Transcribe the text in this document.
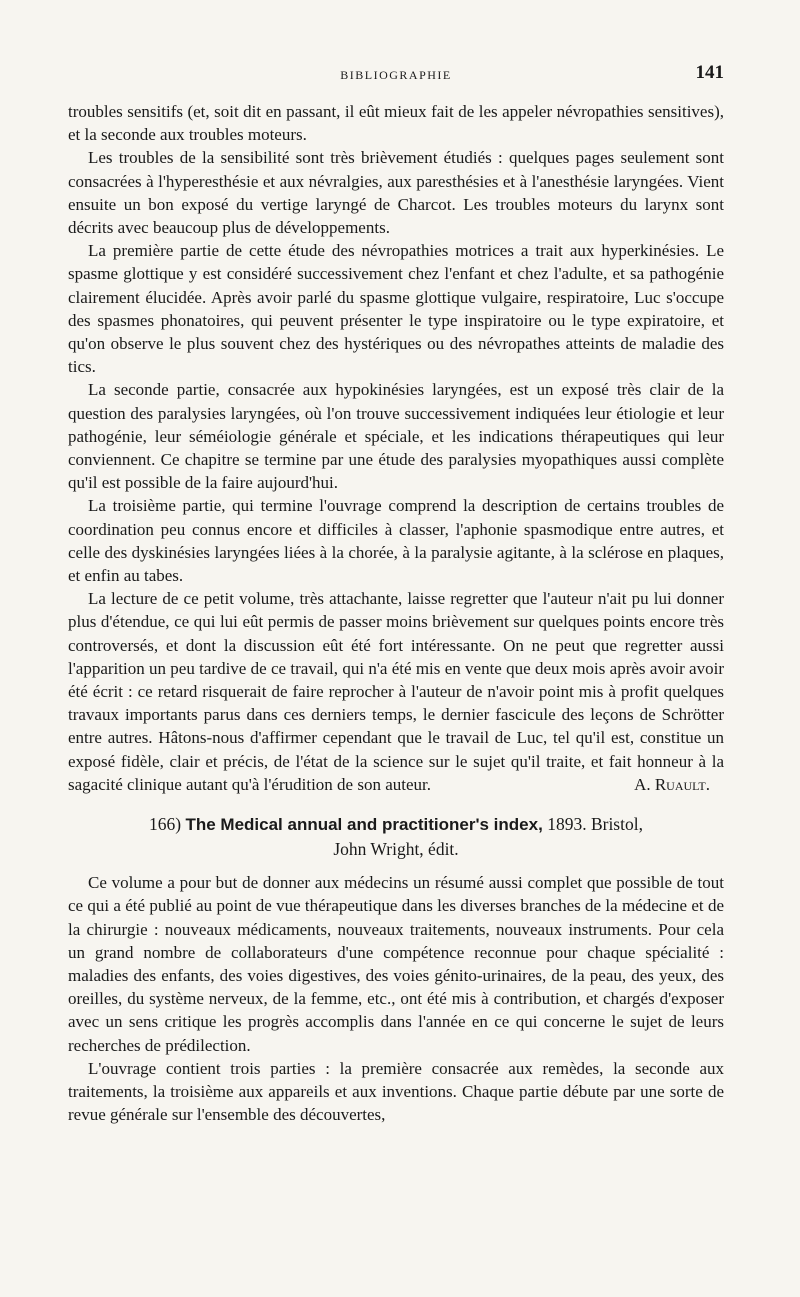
BIBLIOGRAPHIE	141

troubles sensitifs (et, soit dit en passant, il eût mieux fait de les appeler névropathies sensitives), et la seconde aux troubles moteurs.

Les troubles de la sensibilité sont très brièvement étudiés : quelques pages seulement sont consacrées à l'hyperesthésie et aux névralgies, aux paresthésies et à l'anesthésie laryngées. Vient ensuite un bon exposé du vertige laryngé de Charcot. Les troubles moteurs du larynx sont décrits avec beaucoup plus de développements.

La première partie de cette étude des névropathies motrices a trait aux hyperkinésies. Le spasme glottique y est considéré successivement chez l'enfant et chez l'adulte, et sa pathogénie clairement élucidée. Après avoir parlé du spasme glottique vulgaire, respiratoire, Luc s'occupe des spasmes phonatoires, qui peuvent présenter le type inspiratoire ou le type expiratoire, et qu'on observe le plus souvent chez des hystériques ou des névropathes atteints de maladie des tics.

La seconde partie, consacrée aux hypokinésies laryngées, est un exposé très clair de la question des paralysies laryngées, où l'on trouve successivement indiquées leur étiologie et leur pathogénie, leur séméiologie générale et spéciale, et les indications thérapeutiques qui leur conviennent. Ce chapitre se termine par une étude des paralysies myopathiques aussi complète qu'il est possible de la faire aujourd'hui.

La troisième partie, qui termine l'ouvrage comprend la description de certains troubles de coordination peu connus encore et difficiles à classer, l'aphonie spasmodique entre autres, et celle des dyskinésies laryngées liées à la chorée, à la paralysie agitante, à la sclérose en plaques, et enfin au tabes.

La lecture de ce petit volume, très attachante, laisse regretter que l'auteur n'ait pu lui donner plus d'étendue, ce qui lui eût permis de passer moins brièvement sur quelques points encore très controversés, et dont la discussion eût été fort intéressante. On ne peut que regretter aussi l'apparition un peu tardive de ce travail, qui n'a été mis en vente que deux mois après avoir avoir été écrit : ce retard risquerait de faire reprocher à l'auteur de n'avoir point mis à profit quelques travaux importants parus dans ces derniers temps, le dernier fascicule des leçons de Schrötter entre autres. Hâtons-nous d'affirmer cependant que le travail de Luc, tel qu'il est, constitue un exposé fidèle, clair et précis, de l'état de la science sur le sujet qu'il traite, et fait honneur à la sagacité clinique autant qu'à l'érudition de son auteur.	A. Ruault.

166) The Medical annual and practitioner's index, 1893. Bristol,
John Wright, édit.

Ce volume a pour but de donner aux médecins un résumé aussi complet que possible de tout ce qui a été publié au point de vue thérapeutique dans les diverses branches de la médecine et de la chirurgie : nouveaux médicaments, nouveaux traitements, nouveaux instruments. Pour cela un grand nombre de collaborateurs d'une compétence reconnue pour chaque spécialité : maladies des enfants, des voies digestives, des voies génito-urinaires, de la peau, des yeux, des oreilles, du système nerveux, de la femme, etc., ont été mis à contribution, et chargés d'exposer avec un sens critique les progrès accomplis dans l'année en ce qui concerne le sujet de leurs recherches de prédilection.

L'ouvrage contient trois parties : la première consacrée aux remèdes, la seconde aux traitements, la troisième aux appareils et aux inventions. Chaque partie débute par une sorte de revue générale sur l'ensemble des découvertes,
